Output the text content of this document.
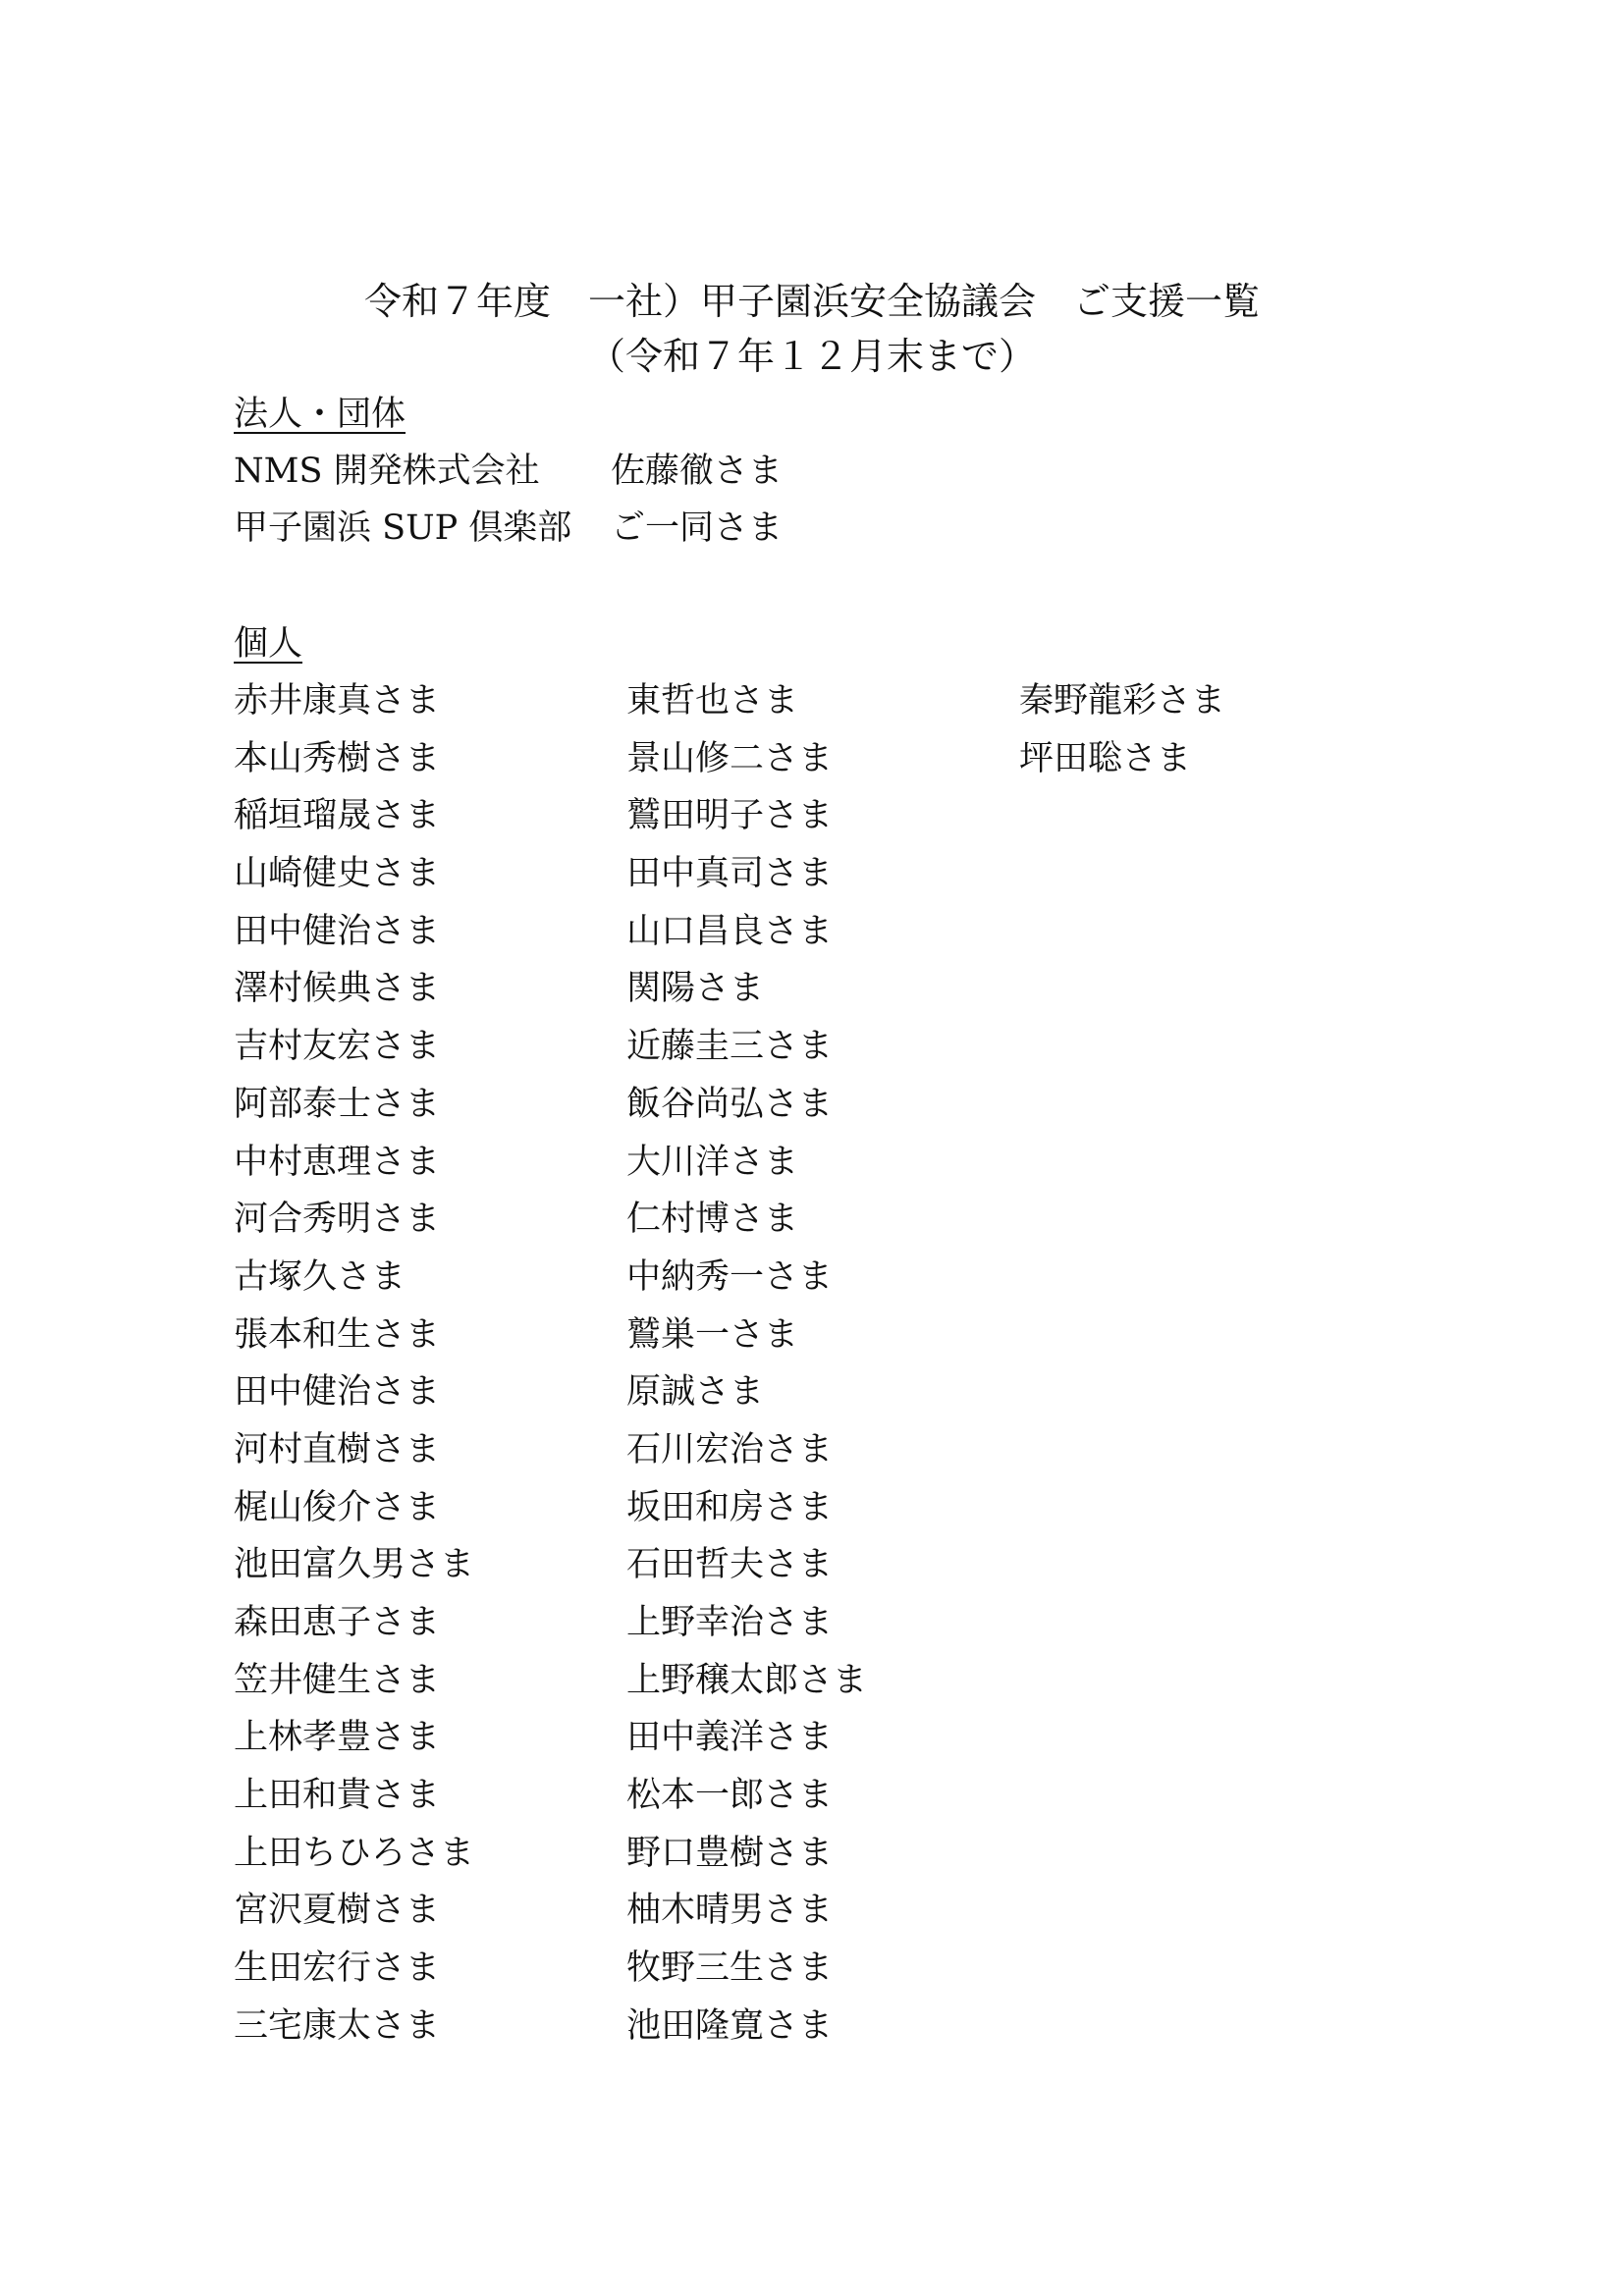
令和７年度　一社）甲子園浜安全協議会　ご支援一覧
（令和７年１２月末まで）
法人・団体
NMS 開発株式会社 佐藤徹さま
甲子園浜 SUP 倶楽部 ご一同さま
個人
赤井康真さま
本山秀樹さま
稲垣瑠晟さま
山崎健史さま
田中健治さま
澤村候典さま
吉村友宏さま
阿部泰士さま
中村恵理さま
河合秀明さま
古塚久さま
張本和生さま
田中健治さま
河村直樹さま
梶山俊介さま
池田富久男さま
森田恵子さま
笠井健生さま
上林孝豊さま
上田和貴さま
上田ちひろさま
宮沢夏樹さま
生田宏行さま
三宅康太さま
東哲也さま
景山修二さま
鷲田明子さま
田中真司さま
山口昌良さま
関陽さま
近藤圭三さま
飯谷尚弘さま
大川洋さま
仁村博さま
中納秀一さま
鷲巣一さま
原誠さま
石川宏治さま
坂田和房さま
石田哲夫さま
上野幸治さま
上野穣太郎さま
田中義洋さま
松本一郎さま
野口豊樹さま
柚木晴男さま
牧野三生さま
池田隆寛さま
秦野龍彩さま
坪田聡さま
